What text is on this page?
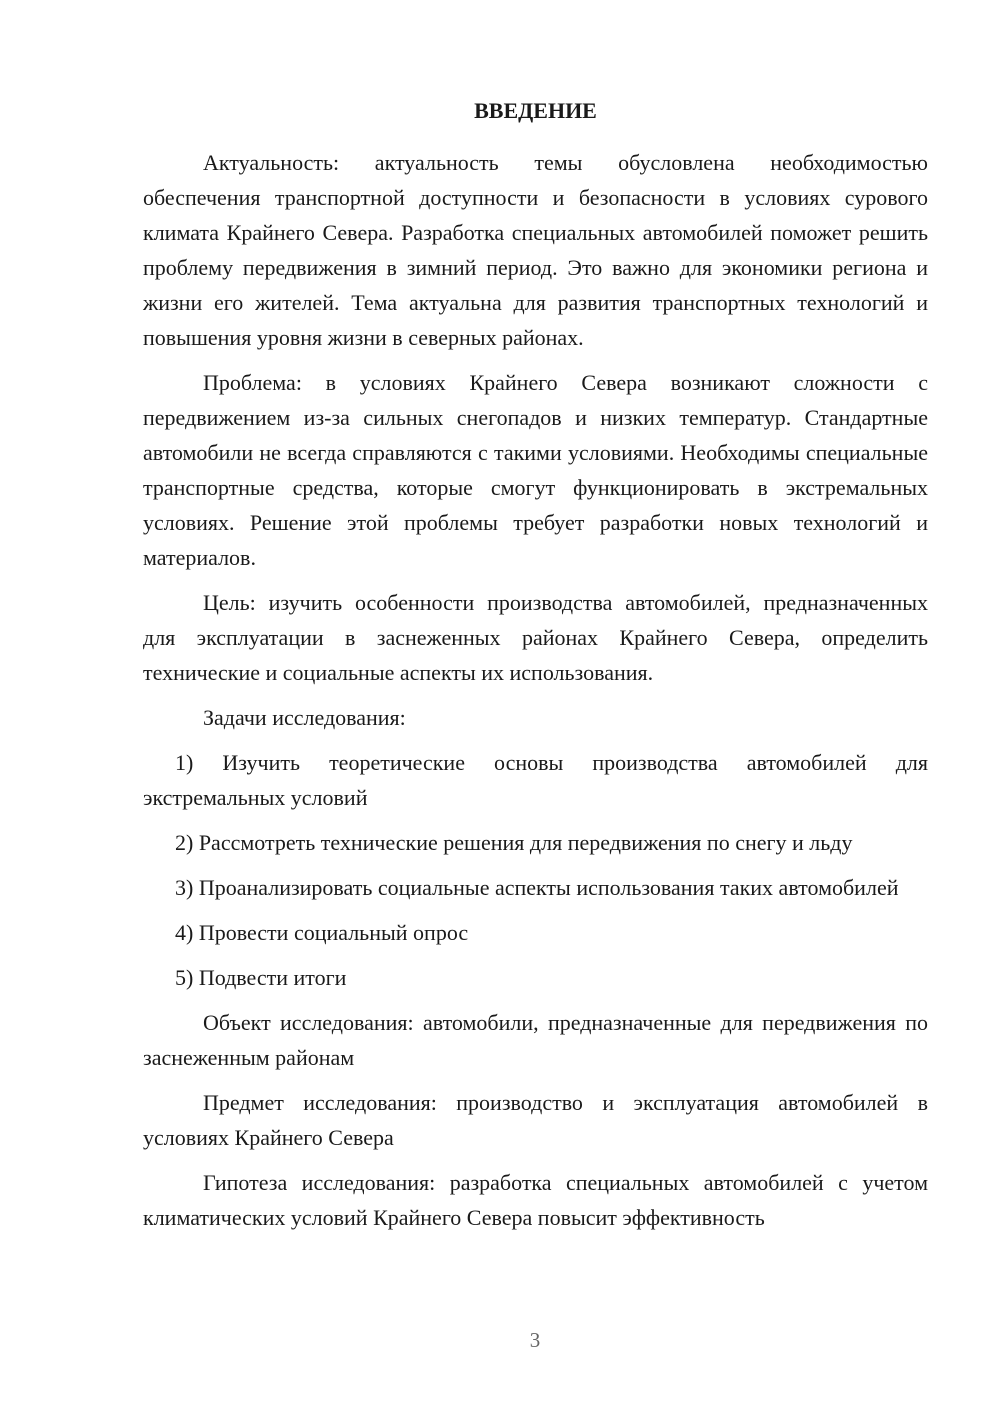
ВВЕДЕНИЕ

Актуальность: актуальность темы обусловлена необходимостью обеспечения транспортной доступности и безопасности в условиях сурового климата Крайнего Севера. Разработка специальных автомобилей поможет решить проблему передвижения в зимний период. Это важно для экономики региона и жизни его жителей. Тема актуальна для развития транспортных технологий и повышения уровня жизни в северных районах.

Проблема: в условиях Крайнего Севера возникают сложности с передвижением из-за сильных снегопадов и низких температур. Стандартные автомобили не всегда справляются с такими условиями. Необходимы специальные транспортные средства, которые смогут функционировать в экстремальных условиях. Решение этой проблемы требует разработки новых технологий и материалов.

Цель: изучить особенности производства автомобилей, предназначенных для эксплуатации в заснеженных районах Крайнего Севера, определить технические и социальные аспекты их использования.

Задачи исследования:

1) Изучить теоретические основы производства автомобилей для экстремальных условий

2) Рассмотреть технические решения для передвижения по снегу и льду

3) Проанализировать социальные аспекты использования таких автомобилей

4) Провести социальный опрос

5) Подвести итоги

Объект исследования: автомобили, предназначенные для передвижения по заснеженным районам

Предмет исследования: производство и эксплуатация автомобилей в условиях Крайнего Севера

Гипотеза исследования: разработка специальных автомобилей с учетом климатических условий Крайнего Севера повысит эффективность

3
